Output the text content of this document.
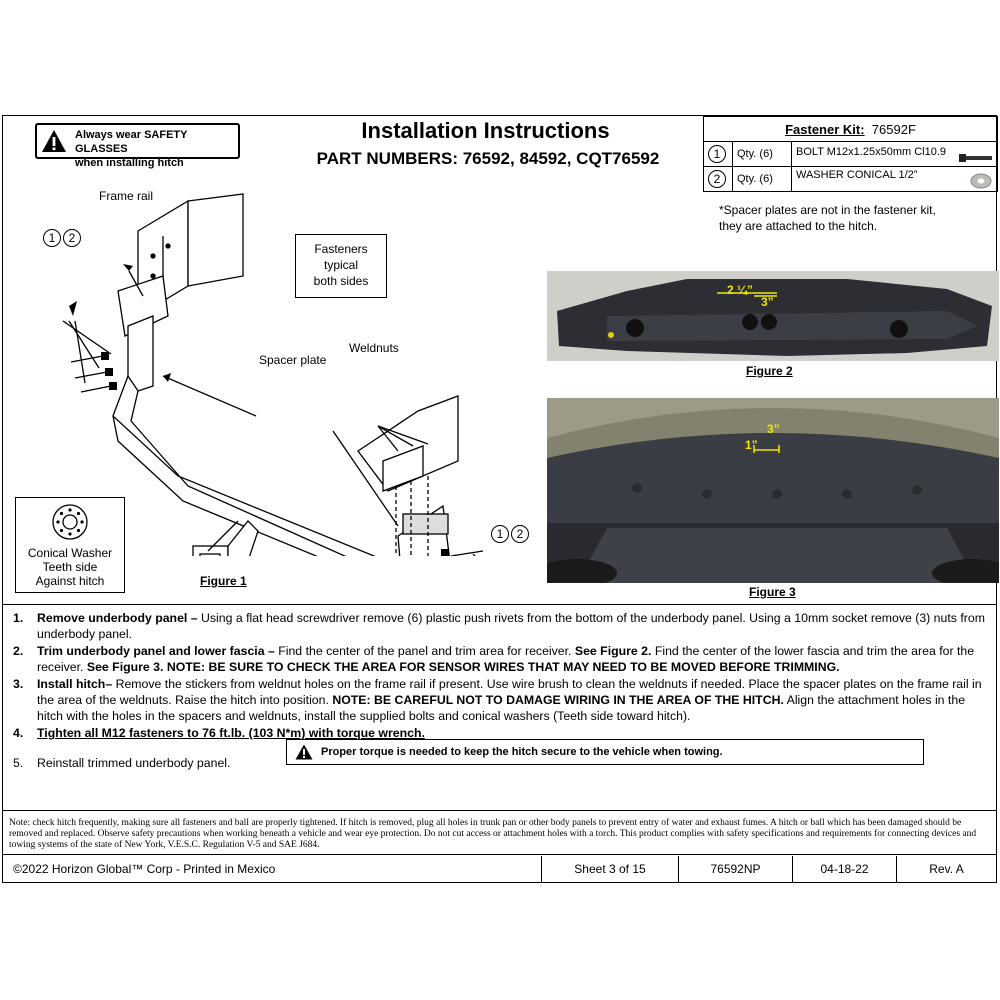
Always wear SAFETY GLASSES
when installing hitch
Installation Instructions
PART NUMBERS: 76592, 84592, CQT76592
Fastener Kit: 76592F		
1	Qty. (6)	BOLT M12x1.25x50mm Cl10.9

2	Qty. (6)	WASHER CONICAL 1/2”
*Spacer plates are not in the fastener kit,
they are attached to the hitch.
Frame rail
Fasteners
typical
both sides
Spacer plate
Weldnuts
1 2
1 2
Conical Washer
Teeth side
Against hitch	Figure 1
2 ¼”
3”
Figure 2
1”
3”
Figure 3
1. Remove underbody panel – Using a flat head screwdriver remove (6) plastic push rivets from the bottom of the underbody panel. Using a 10mm socket remove (3) nuts from underbody panel.
2. Trim underbody panel and lower fascia – Find the center of the panel and trim area for receiver. See Figure 2. Find the center of the lower fascia and trim the area for the receiver. See Figure 3. NOTE: BE SURE TO CHECK THE AREA FOR SENSOR WIRES THAT MAY NEED TO BE MOVED BEFORE TRIMMING.
3. Install hitch– Remove the stickers from weldnut holes on the frame rail if present. Use wire brush to clean the weldnuts if needed. Place the spacer plates on the frame rail in the area of the weldnuts. Raise the hitch into position. NOTE: BE CAREFUL NOT TO DAMAGE WIRING IN THE AREA OF THE HITCH. Align the attachment holes in the hitch with the holes in the spacers and weldnuts, install the supplied bolts and conical washers (Teeth side toward hitch).
4. Tighten all M12 fasteners to 76 ft.lb. (103 N*m) with torque wrench.
5. Reinstall trimmed underbody panel.
Proper torque is needed to keep the hitch secure to the vehicle when towing.
Note: check hitch frequently, making sure all fasteners and ball are properly tightened. If hitch is removed, plug all holes in trunk pan or other body panels to prevent entry of water and exhaust fumes. A hitch or ball which has been damaged should be removed and replaced. Observe safety precautions when working beneath a vehicle and wear eye protection. Do not cut access or attachment holes with a torch. This product complies with safety specifications and requirements for connecting devices and towing systems of the state of New York, V.E.S.C. Regulation V-5 and SAE J684.
©2022 Horizon Global™ Corp - Printed in Mexico	Sheet 3 of 15	76592NP	04-18-22	Rev. A
